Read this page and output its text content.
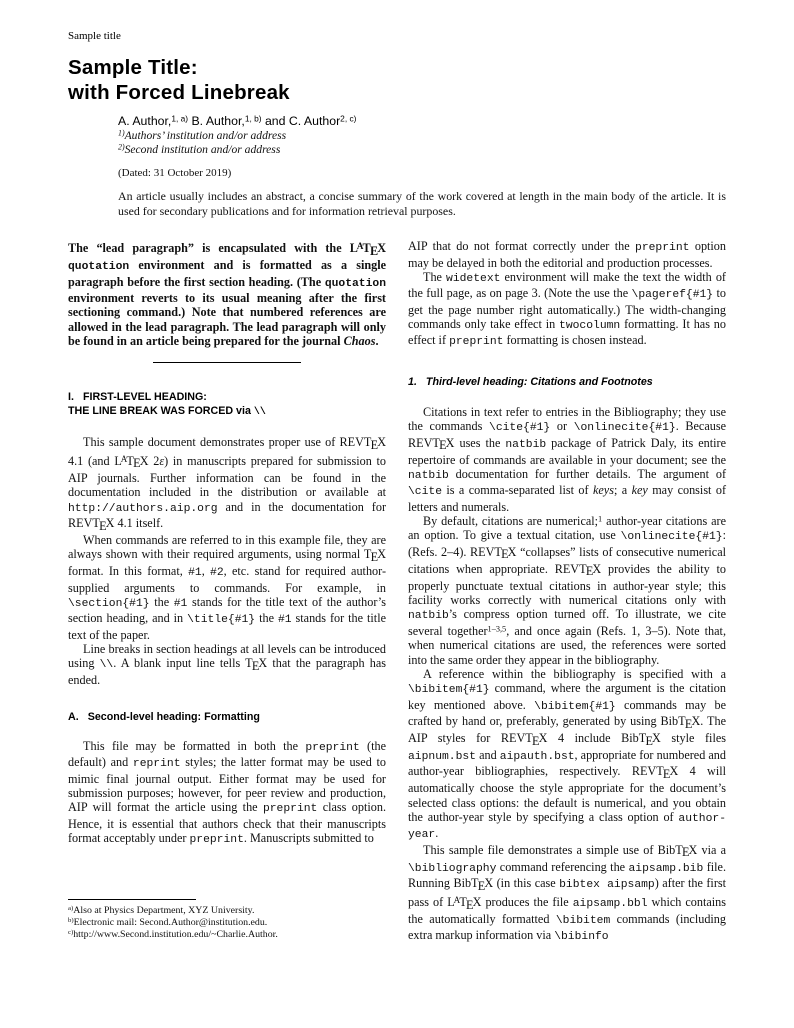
Sample title
Sample Title:
with Forced Linebreak
A. Author,$^{1, a)}$ B. Author,$^{1, b)}$ and C. Author$^{2, c)}$
$^{1)}$Authors’ institution and/or address
$^{2)}$Second institution and/or address
(Dated: 31 October 2019)

An article usually includes an abstract, a concise summary of the work covered at length in the main body of the article. It is used for secondary publications and for information retrieval purposes.

The “lead paragraph” is encapsulated with the $L^ATEX$ quotation environment and is formatted as a single paragraph before the first section heading. (The quotation environment reverts to its usual meaning after the first sectioning command.) Note that numbered references are allowed in the lead paragraph. The lead paragraph will only be found in an article being prepared for the journal Chaos.

I. FIRST-LEVEL HEADING:
THE LINE BREAK WAS FORCED via \\

This sample document demonstrates proper use of REVTEX 4.1 (and $L^ATEX$ 2ε) in manuscripts prepared for submission to AIP journals. Further information can be found in the documentation included in the distribution or available at http://authors.aip.org and in the documentation for REVTEX 4.1 itself.

When commands are referred to in this example file, they are always shown with their required arguments, using normal TEX format. In this format, #1, #2, etc. stand for required author-supplied arguments to commands. For example, in \section{#1} the #1 stands for the title text of the author’s section heading, and in \title{#1} the #1 stands for the title text of the paper.

Line breaks in section headings at all levels can be introduced using \\. A blank input line tells TEX that the paragraph has ended.

A. Second-level heading: Formatting

This file may be formatted in both the preprint (the default) and reprint styles; the latter format may be used to mimic final journal output. Either format may be used for submission purposes; however, for peer review and production, AIP will format the article using the preprint class option. Hence, it is essential that authors check that their manuscripts format acceptably under preprint. Manuscripts submitted to

AIP that do not format correctly under the preprint option may be delayed in both the editorial and production processes.

The widetext environment will make the text the width of the full page, as on page 3. (Note the use the \pageref{#1} to get the page number right automatically.) The width-changing commands only take effect in twocolumn formatting. It has no effect if preprint formatting is chosen instead.

1. Third-level heading: Citations and Footnotes

Citations in text refer to entries in the Bibliography; they use the commands \cite{#1} or \onlinecite{#1}. Because REVTEX uses the natbib package of Patrick Daly, its entire repertoire of commands are available in your document; see the natbib documentation for further details. The argument of \cite is a comma-separated list of keys; a key may consist of letters and numerals.

By default, citations are numerical;$^1$ author-year citations are an option. To give a textual citation, use \onlinecite{#1}: (Refs. 2–4). REVTEX “collapses” lists of consecutive numerical citations when appropriate. REVTEX provides the ability to properly punctuate textual citations in author-year style; this facility works correctly with numerical citations only with natbib’s compress option turned off. To illustrate, we cite several together$^{1-3,5}$, and once again (Refs. 1, 3–5). Note that, when numerical citations are used, the references were sorted into the same order they appear in the bibliography.

A reference within the bibliography is specified with a \bibitem{#1} command, where the argument is the citation key mentioned above. \bibitem{#1} commands may be crafted by hand or, preferably, generated by using BibTEX. The AIP styles for REVTEX 4 include BibTEX style files aipnum.bst and aipauth.bst, appropriate for numbered and author-year bibliographies, respectively. REVTEX 4 will automatically choose the style appropriate for the document’s selected class options: the default is numerical, and you obtain the author-year style by specifying a class option of author-year.

This sample file demonstrates a simple use of BibTEX via a \bibliography command referencing the aipsamp.bib file. Running BibTEX (in this case bibtex aipsamp) after the first pass of $L^ATEX$ produces the file aipsamp.bbl which contains the automatically formatted \bibitem commands (including extra markup information via \bibinfo

$^{a)}$Also at Physics Department, XYZ University.
$^{b)}$Electronic mail: Second.Author@institution.edu.
$^{c)}$http://www.Second.institution.edu/~Charlie.Author.
